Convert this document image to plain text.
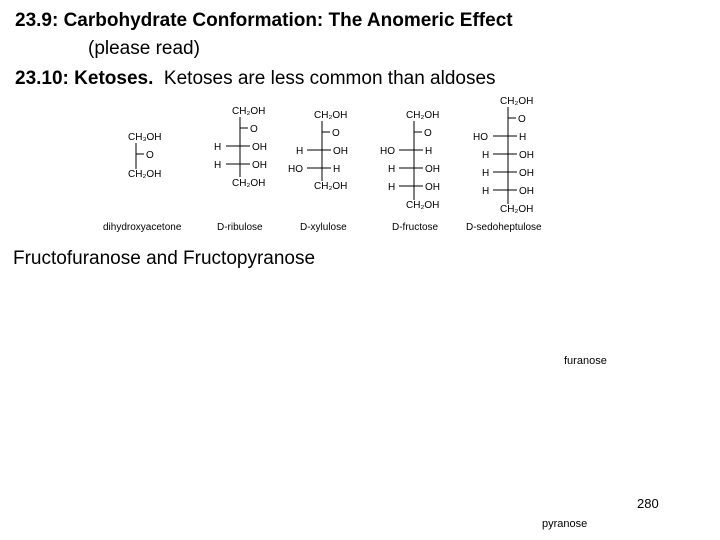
23.9: Carbohydrate Conformation: The Anomeric Effect
(please read)
23.10: Ketoses. Ketoses are less common than aldoses
CH₃OH
O
CH₂OH
dihydroxyacetone
CH₂OH
O
H	OH
H	OH
CH₂OH
D-ribulose
CH₂OH
O
H	OH
HO	H
CH₂OH
D-xylulose
CH₂OH
O
HO	H
H	OH
H	OH
CH₂OH
D-fructose
CH₂OH
O
HO	H
H	OH
H	OH
H	OH
CH₂OH
D-sedoheptulose
Fructofuranose and Fructopyranose
furanose
280
pyranose
